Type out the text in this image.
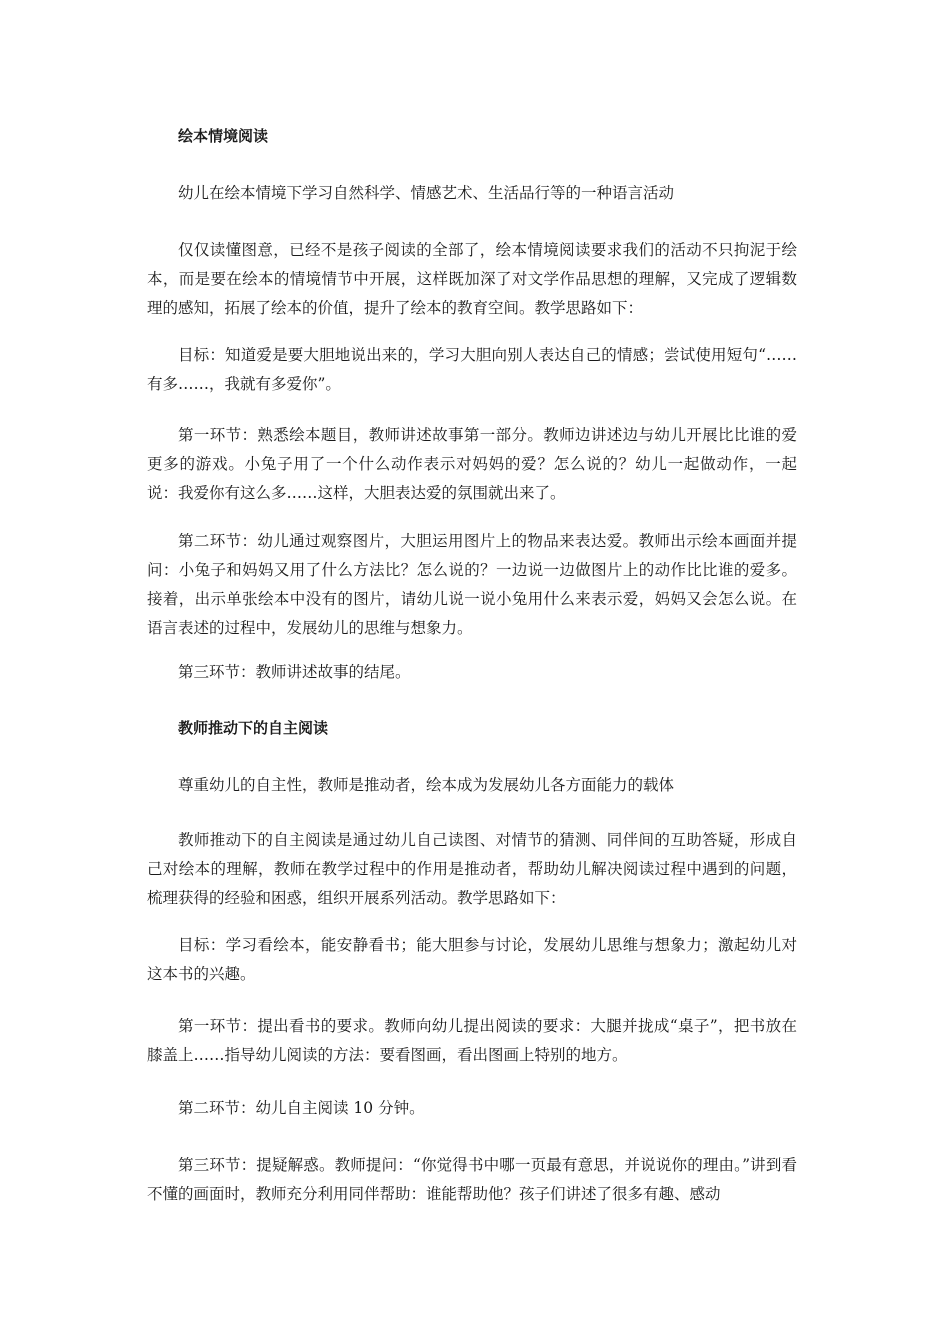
绘本情境阅读

幼儿在绘本情境下学习自然科学、情感艺术、生活品行等的一种语言活动

仅仅读懂图意，已经不是孩子阅读的全部了，绘本情境阅读要求我们的活动不只拘泥于绘本，而是要在绘本的情境情节中开展，这样既加深了对文学作品思想的理解，又完成了逻辑数理的感知，拓展了绘本的价值，提升了绘本的教育空间。教学思路如下：

目标：知道爱是要大胆地说出来的，学习大胆向别人表达自己的情感；尝试使用短句“……有多……，我就有多爱你”。

第一环节：熟悉绘本题目，教师讲述故事第一部分。教师边讲述边与幼儿开展比比谁的爱更多的游戏。小兔子用了一个什么动作表示对妈妈的爱？怎么说的？幼儿一起做动作，一起说：我爱你有这么多……这样，大胆表达爱的氛围就出来了。

第二环节：幼儿通过观察图片，大胆运用图片上的物品来表达爱。教师出示绘本画面并提问：小兔子和妈妈又用了什么方法比？怎么说的？一边说一边做图片上的动作比比谁的爱多。接着，出示单张绘本中没有的图片，请幼儿说一说小兔用什么来表示爱，妈妈又会怎么说。在语言表述的过程中，发展幼儿的思维与想象力。

第三环节：教师讲述故事的结尾。

教师推动下的自主阅读

尊重幼儿的自主性，教师是推动者，绘本成为发展幼儿各方面能力的载体

教师推动下的自主阅读是通过幼儿自己读图、对情节的猜测、同伴间的互助答疑，形成自己对绘本的理解，教师在教学过程中的作用是推动者，帮助幼儿解决阅读过程中遇到的问题，梳理获得的经验和困惑，组织开展系列活动。教学思路如下：

目标：学习看绘本，能安静看书；能大胆参与讨论，发展幼儿思维与想象力；激起幼儿对这本书的兴趣。

第一环节：提出看书的要求。教师向幼儿提出阅读的要求：大腿并拢成“桌子”，把书放在膝盖上……指导幼儿阅读的方法：要看图画，看出图画上特别的地方。

第二环节：幼儿自主阅读 10 分钟。

第三环节：提疑解惑。教师提问：“你觉得书中哪一页最有意思，并说说你的理由。”讲到看不懂的画面时，教师充分利用同伴帮助：谁能帮助他？孩子们讲述了很多有趣、感动
